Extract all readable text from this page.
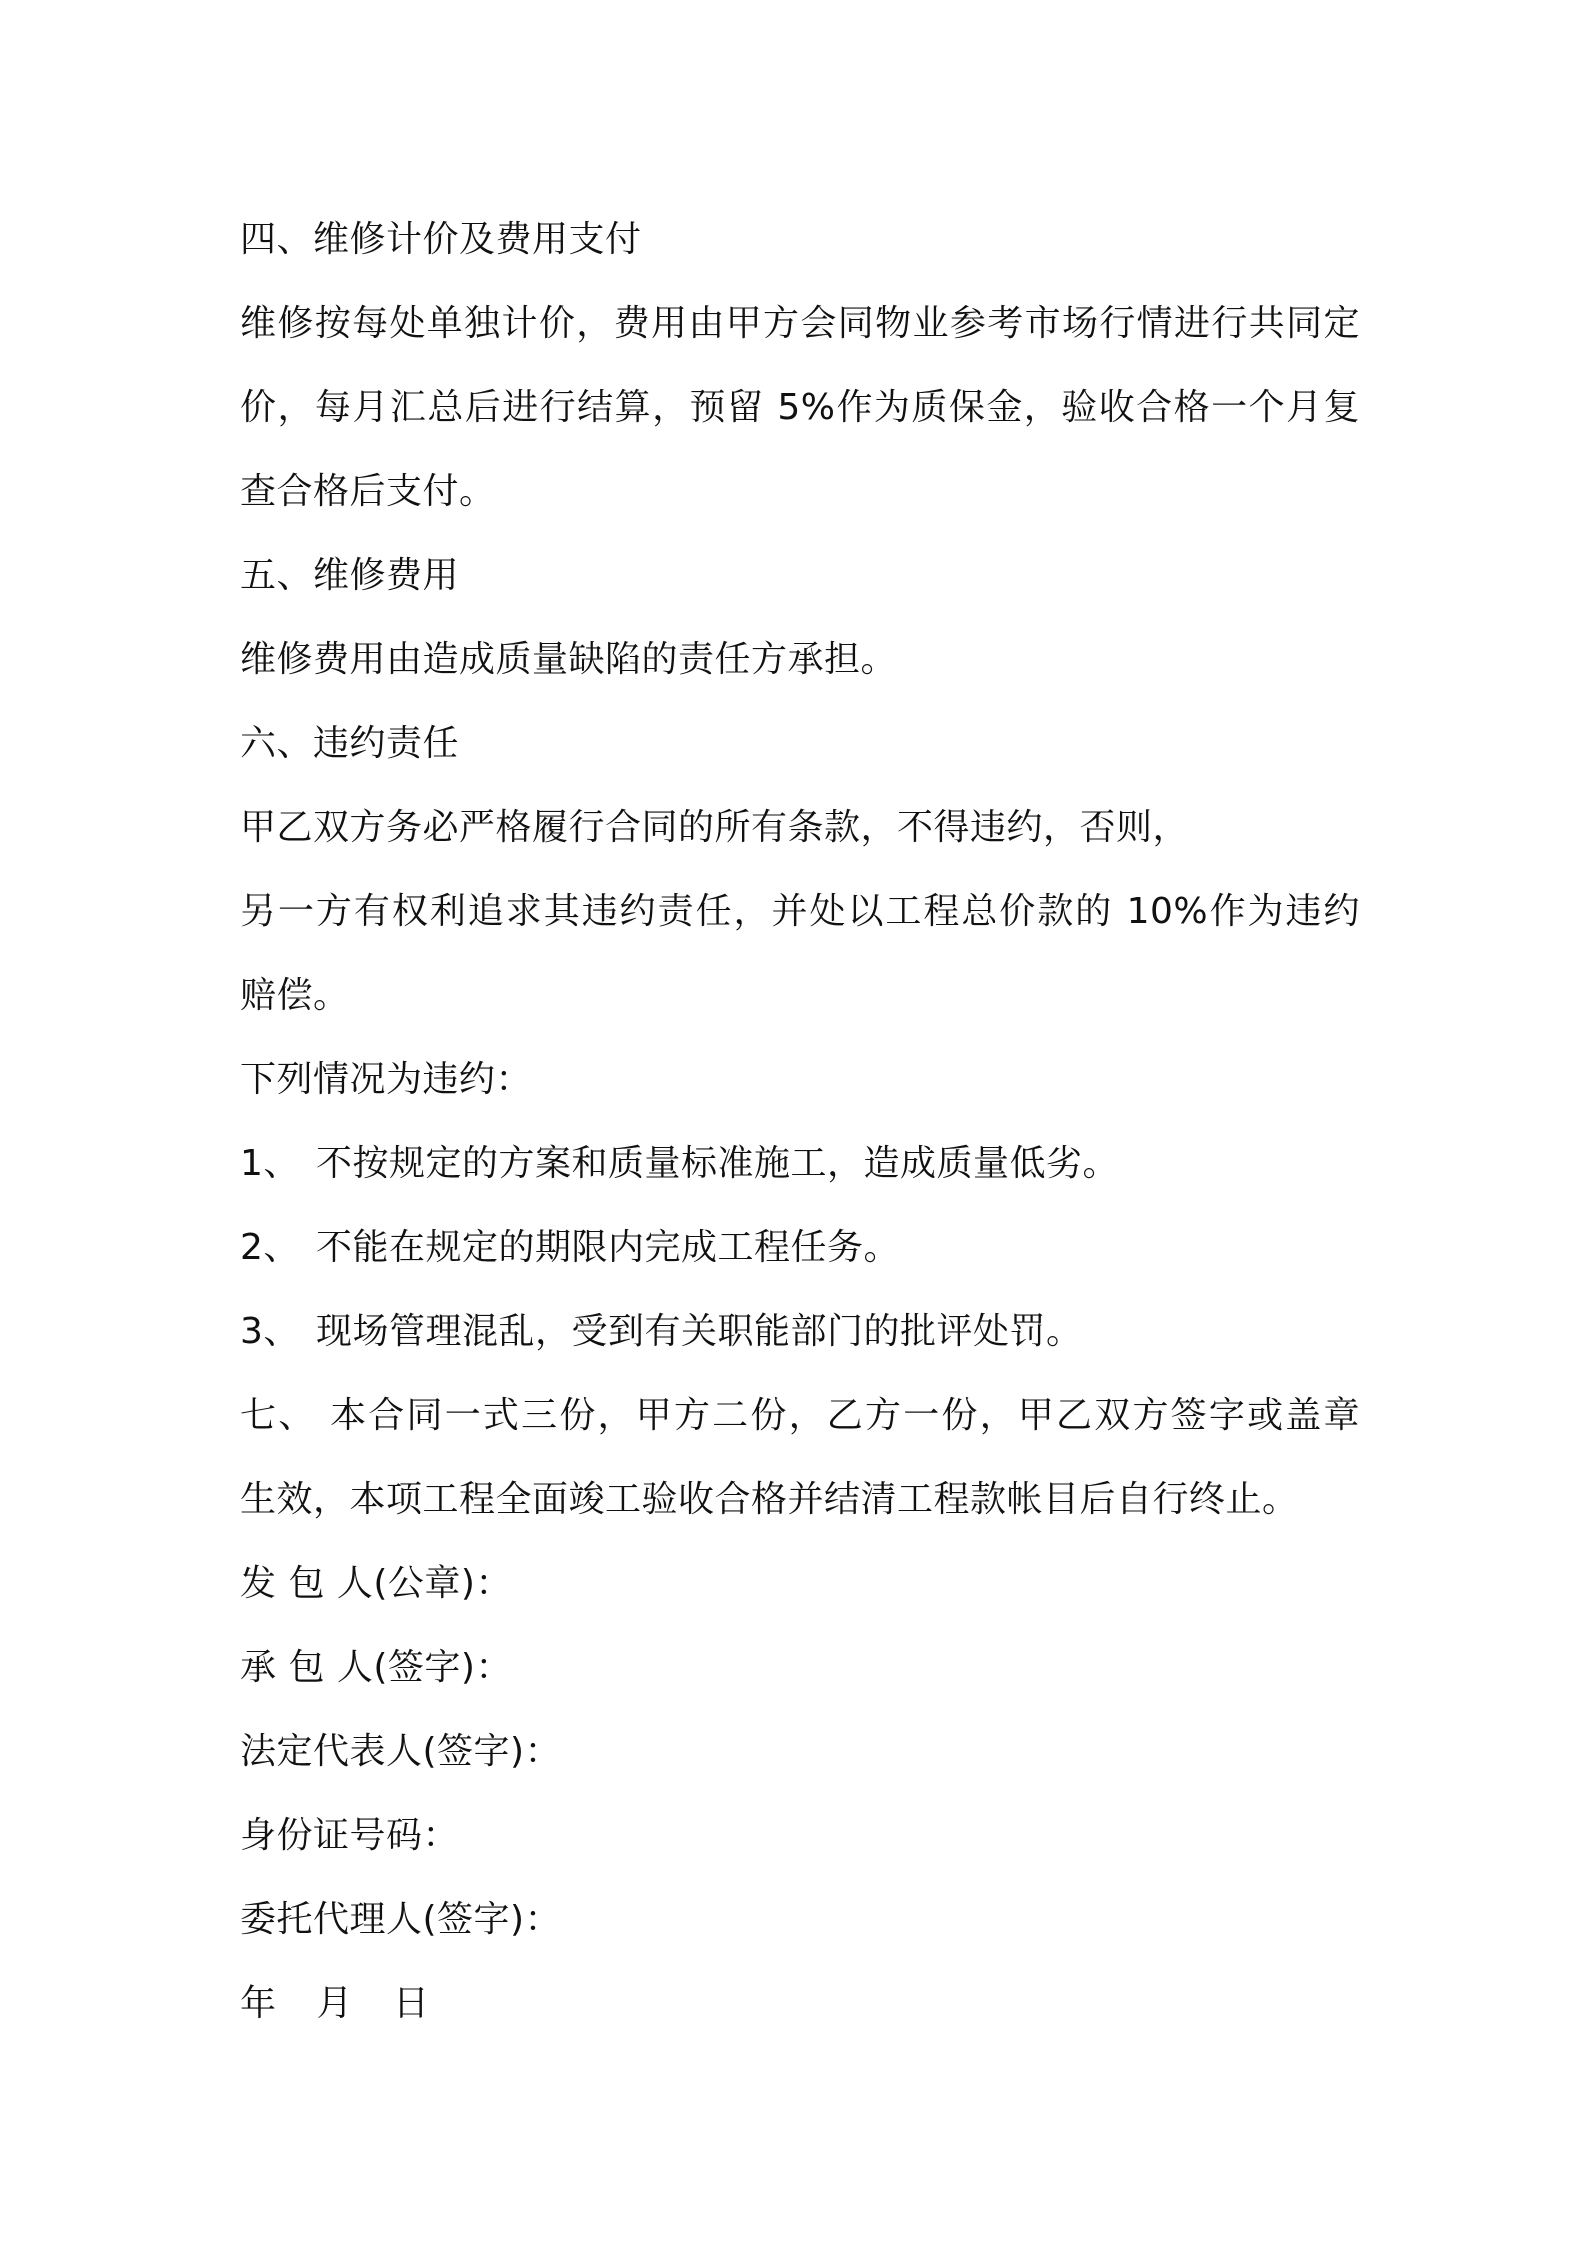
四、维修计价及费用支付
维修按每处单独计价，费用由甲方会同物业参考市场行情进行共同定
价，每月汇总后进行结算，预留 5%作为质保金，验收合格一个月复
查合格后支付。
五、维修费用
维修费用由造成质量缺陷的责任方承担。
六、违约责任
甲乙双方务必严格履行合同的所有条款，不得违约，否则，
另一方有权利追求其违约责任，并处以工程总价款的 10%作为违约
赔偿。
下列情况为违约：
1、 不按规定的方案和质量标准施工，造成质量低劣。
2、 不能在规定的期限内完成工程任务。
3、 现场管理混乱，受到有关职能部门的批评处罚。
七、 本合同一式三份，甲方二份，乙方一份，甲乙双方签字或盖章
生效，本项工程全面竣工验收合格并结清工程款帐目后自行终止。
发 包 人(公章)：
承 包 人(签字)：
法定代表人(签字)：
身份证号码：
委托代理人(签字)：
年 月 日
